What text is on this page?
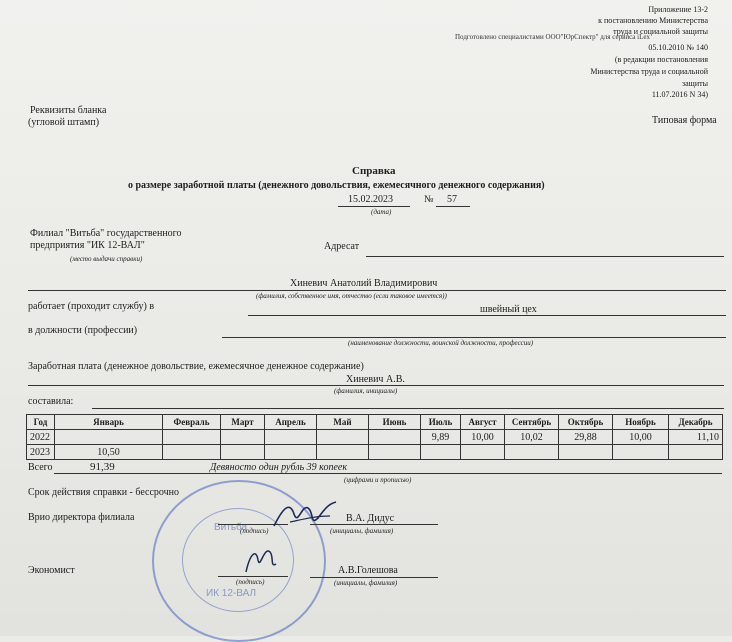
Приложение 13-2
к постановлению Министерства
труда и социальной защиты
Подготовлено специалистами ООО"ЮрСпектр" для сервиса iLex
05.10.2010 № 140
(в редакции постановления
Министерства труда и социальной
защиты
11.07.2016 N 34)
Реквизиты бланка
(угловой штамп)	Типовая форма
Справка
о размере заработной платы (денежного довольствия, ежемесячного денежного содержания)
15.02.2023	№ 57
(дата)
Филиал "Витьба" государственного
предприятия "ИК 12-ВАЛ"
(место выдачи справки)
Адресат
Хиневич Анатолий Владимирович
(фамилия, собственное имя, отчество (если таковое имеется))
работает (проходит службу) в	швейный цех
в должности (профессии)
(наименование должности, воинской должности, профессии)
Заработная плата (денежное довольствие, ежемесячное денежное содержание)
Хиневич А.В.
(фамилия, инициалы)
составила:
Год	Январь	Февраль	Март	Апрель	Май	Июнь	Июль	Август	Сентябрь	Октябрь	Ноябрь	Декабрь
2022							9,89	10,00	10,02	29,88	10,00	11,10
2023	10,50											
Всего	91,39	Девяносто один рубль 39 копеек
(цифрами и прописью)
Срок действия справки - бессрочно
Витьба
ИК 12-ВАЛ
Врио директора филиала
(подпись)
В.А. Дидус
(инициалы, фамилия)
Экономист
(подпись)
А.В.Голешова
(инициалы, фамилия)
